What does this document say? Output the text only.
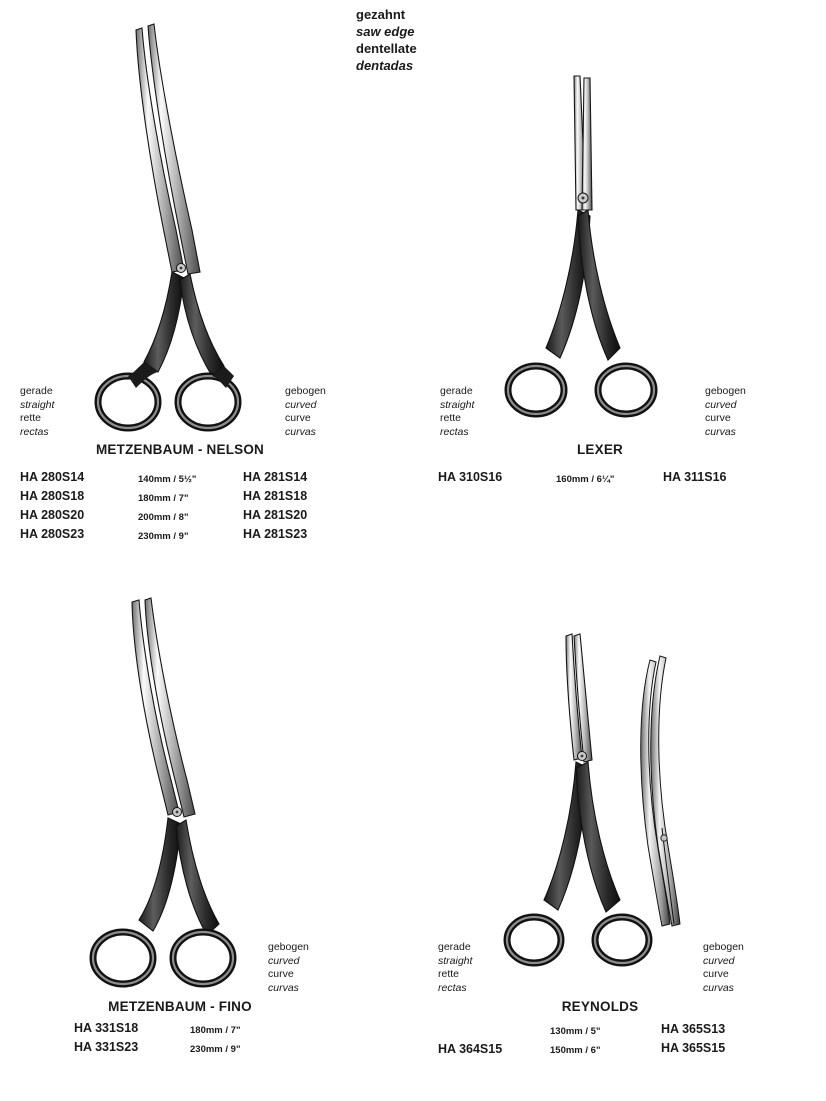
gezahnt
saw edge
dentellate
dentadas
gerade
straight
rette
rectas
gebogen
curved
curve
curvas
METZENBAUM - NELSON
HA 280S14
HA 280S18
HA 280S20
HA 280S23
140mm / 5½"
180mm / 7"
200mm / 8"
230mm / 9"
HA 281S14
HA 281S18
HA 281S20
HA 281S23
gerade
straight
rette
rectas
gebogen
curved
curve
curvas
LEXER
HA 310S16	160mm / 6¼"	HA 311S16
gebogen
curved
curve
curvas
METZENBAUM - FINO
HA 331S18
HA 331S23
180mm / 7"
230mm / 9"
gerade
straight
rette
rectas
gebogen
curved
curve
curvas
REYNOLDS
HA 364S15
130mm / 5"
150mm / 6"
HA 365S13
HA 365S15
